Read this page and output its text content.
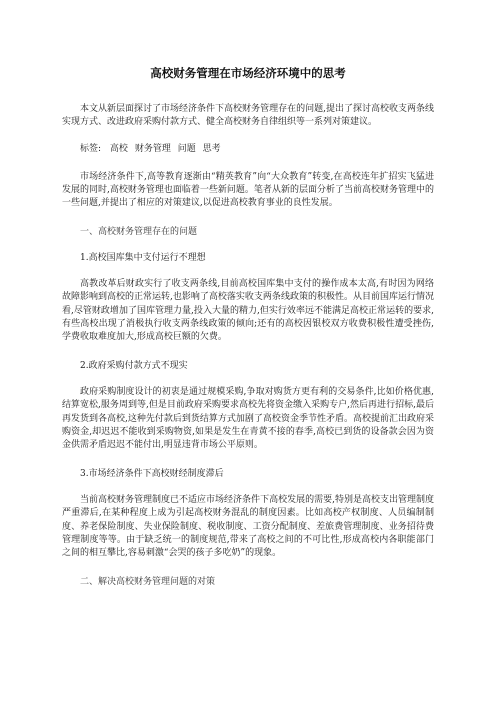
高校财务管理在市场经济环境中的思考

本文从新层面探讨了市场经济条件下高校财务管理存在的问题,提出了探讨高校收支两条线实现方式、改进政府采购付款方式、健全高校财务自律组织等一系列对策建议。

标签: 高校 财务管理 问题 思考

市场经济条件下,高等教育逐渐由“精英教育”向“大众教育”转变,在高校连年扩招实飞猛进发展的同时,高校财务管理也面临着一些新问题。笔者从新的层面分析了当前高校财务管理中的一些问题,并提出了相应的对策建议,以促进高校教育事业的良性发展。

一、高校财务管理存在的问题
1.高校国库集中支付运行不理想

高教改革后财政实行了收支两条线,目前高校国库集中支付的操作成本太高,有时因为网络故障影响到高校的正常运转,也影响了高校落实收支两条线政策的积极性。从目前国库运行情况看,尽管财政增加了国库管理力量,投入大量的精力,但实行效率远不能满足高校正常运转的要求,有些高校出现了消极执行收支两条线政策的倾向;还有的高校因银校双方收费积极性遭受挫伤,学费收取难度加大,形成高校巨额的欠费。

2.政府采购付款方式不现实

政府采购制度设计的初衷是通过规模采购,争取对购货方更有利的交易条件,比如价格优惠,结算宽松,服务周到等,但是目前政府采购要求高校先将资金缴入采购专户,然后再进行招标,最后再发货到各高校,这种先付款后到货结算方式加剧了高校资金季节性矛盾。高校提前汇出政府采购资金,却迟迟不能收到采购物资,如果是发生在青黄不接的春季,高校已到货的设备款会因为资金供需矛盾迟迟不能付出,明显违背市场公平原则。

3.市场经济条件下高校财经制度滞后

当前高校财务管理制度已不适应市场经济条件下高校发展的需要,特别是高校支出管理制度严重滞后,在某种程度上成为引起高校财务混乱的制度因素。比如高校产权制度、人员编制制度、养老保险制度、失业保险制度、税收制度、工资分配制度、差旅费管理制度、业务招待费管理制度等等。由于缺乏统一的制度规范,带来了高校之间的不可比性,形成高校内各职能部门之间的相互攀比,容易刺激“会哭的孩子多吃奶”的现象。

二、解决高校财务管理问题的对策
